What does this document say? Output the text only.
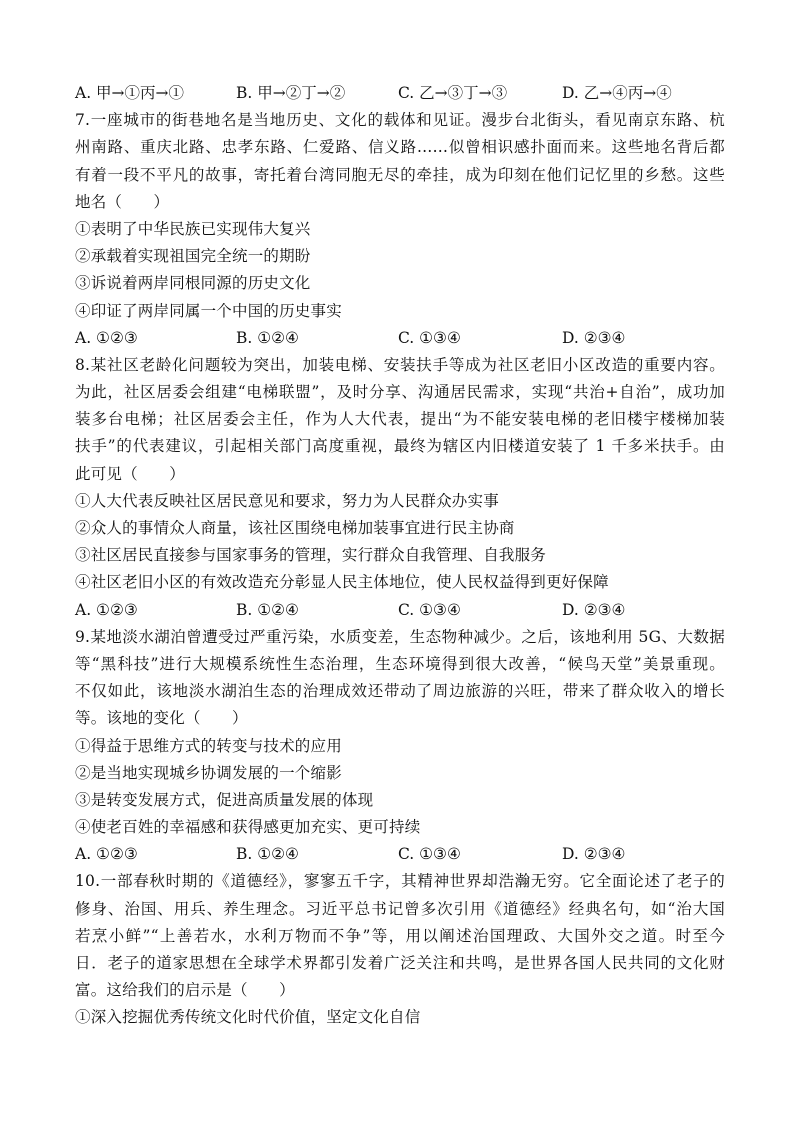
A. 甲→①丙→①	B. 甲→②丁→②	C. 乙→③丁→③	D. 乙→④丙→④
7.一座城市的街巷地名是当地历史、文化的载体和见证。漫步台北街头，看见南京东路、杭
州南路、重庆北路、忠孝东路、仁爱路、信义路……似曾相识感扑面而来。这些地名背后都
有着一段不平凡的故事，寄托着台湾同胞无尽的牵挂，成为印刻在他们记忆里的乡愁。这些
地名（　　）
①表明了中华民族已实现伟大复兴
②承载着实现祖国完全统一的期盼
③诉说着两岸同根同源的历史文化
④印证了两岸同属一个中国的历史事实
A. ①②③	B. ①②④	C. ①③④	D. ②③④
8.某社区老龄化问题较为突出，加装电梯、安装扶手等成为社区老旧小区改造的重要内容。
为此，社区居委会组建“电梯联盟”，及时分享、沟通居民需求，实现“共治+自治”，成功加
装多台电梯；社区居委会主任，作为人大代表，提出“为不能安装电梯的老旧楼宇楼梯加装
扶手”的代表建议，引起相关部门高度重视，最终为辖区内旧楼道安装了 1 千多米扶手。由
此可见（　　）
①人大代表反映社区居民意见和要求，努力为人民群众办实事
②众人的事情众人商量，该社区围绕电梯加装事宜进行民主协商
③社区居民直接参与国家事务的管理，实行群众自我管理、自我服务
④社区老旧小区的有效改造充分彰显人民主体地位，使人民权益得到更好保障
A. ①②③	B. ①②④	C. ①③④	D. ②③④
9.某地淡水湖泊曾遭受过严重污染，水质变差，生态物种减少。之后，该地利用 5G、大数据
等“黑科技”进行大规模系统性生态治理，生态环境得到很大改善，“候鸟天堂”美景重现。
不仅如此，该地淡水湖泊生态的治理成效还带动了周边旅游的兴旺，带来了群众收入的增长
等。该地的变化（　　）
①得益于思维方式的转变与技术的应用
②是当地实现城乡协调发展的一个缩影
③是转变发展方式，促进高质量发展的体现
④使老百姓的幸福感和获得感更加充实、更可持续
A. ①②③	B. ①②④	C. ①③④	D. ②③④
10.一部春秋时期的《道德经》，寥寥五千字，其精神世界却浩瀚无穷。它全面论述了老子的
修身、治国、用兵、养生理念。习近平总书记曾多次引用《道德经》经典名句，如“治大国
若烹小鲜”“上善若水，水利万物而不争”等，用以阐述治国理政、大国外交之道。时至今
日．老子的道家思想在全球学术界都引发着广泛关注和共鸣，是世界各国人民共同的文化财
富。这给我们的启示是（　　）
①深入挖掘优秀传统文化时代价值，坚定文化自信
